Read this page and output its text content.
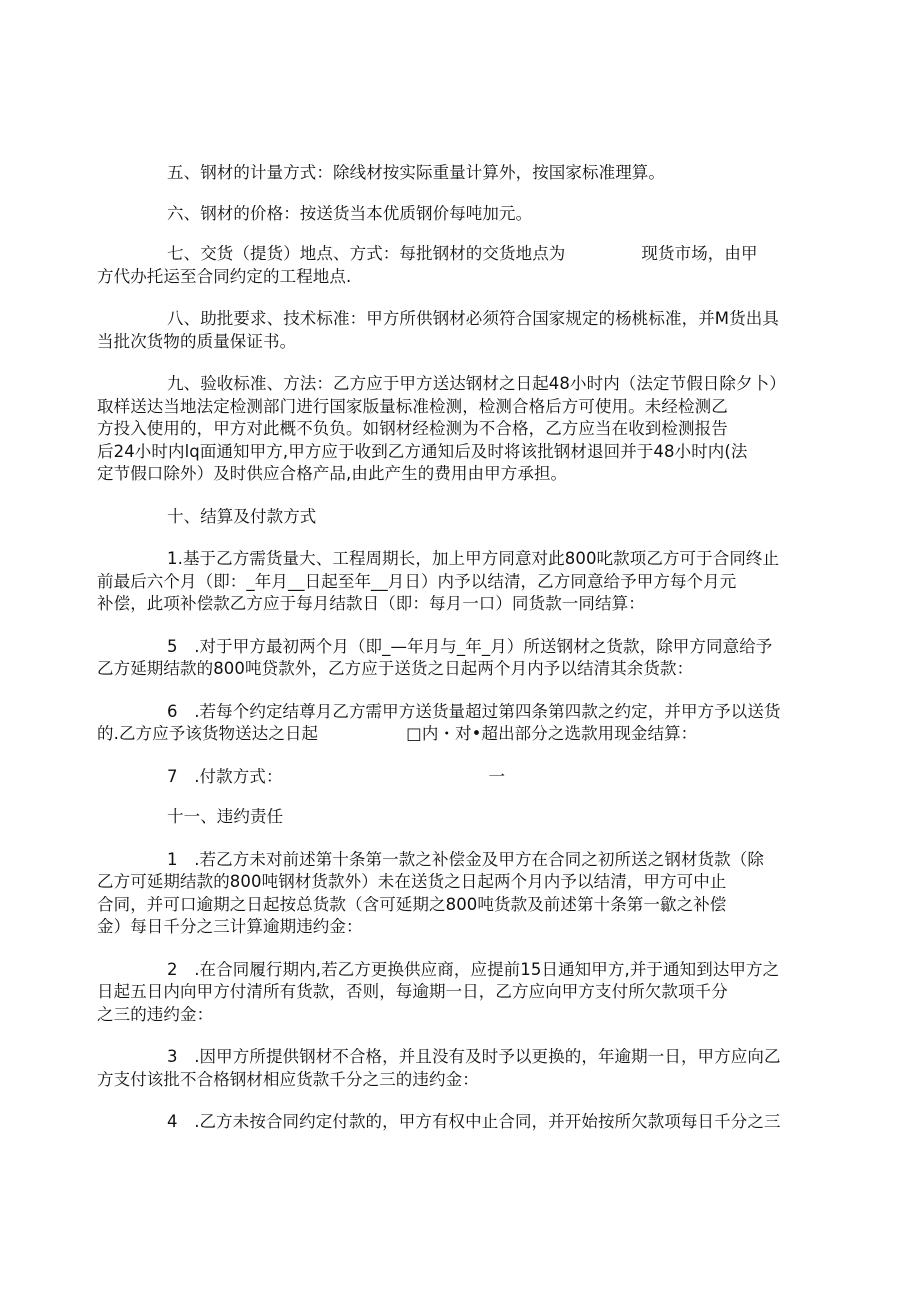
五、钢材的计量方式：除线材按实际重量计算外，按国家标准理算。

六、钢材的价格：按送货当本优质钢价每吨加元。

七、交货（提货）地点、方式：每批钢材的交货地点为	现货市场，由甲
方代办托运至合同约定的工程地点.

八、助批要求、技术标准：甲方所供钢材必须符合国家规定的杨桃标准，并M货出具
当批次货物的质量保证书。

九、验收标准、方法：乙方应于甲方送达钢材之日起48小时内（法定节假日除夕卜）
取样送达当地法定检测部门进行国家版量标准检测，检测合格后方可使用。未经检测乙
方投入使用的，甲方对此概不负负。如钢材经检测为不合格，乙方应当在收到检测报告
后24小时内lq面通知甲方,甲方应于收到乙方通知后及时将该批钢材退回并于48小时内(法
定节假口除外）及时供应合格产品,由此产生的费用由甲方承担。

十、结算及付款方式

1.基于乙方需货量大、工程周期长，加上甲方同意对此800叱款项乙方可于合同终止
前最后六个月（即：_年月__日起至年__月日）内予以结清，乙方同意给予甲方每个月元
补偿，此项补偿款乙方应于每月结款日（即：每月一口）同货款一同结算：

5　.对于甲方最初两个月（即_—年月与_年_月）所送钢材之货款，除甲方同意给予
乙方延期结款的800吨贷款外，乙方应于送货之日起两个月内予以结清其余货款：

6　.若每个约定结尊月乙方需甲方送货量超过第四条第四款之约定，并甲方予以送货
的.乙方应予该货物送达之日起	□内・对•超出部分之选款用现金结算：

7　.付款方式：	一

十一、违约责任

1　.若乙方未对前述第十条第一款之补偿金及甲方在合同之初所送之钢材货款（除
乙方可延期结款的800吨钢材货款外）未在送货之日起两个月内予以结清，甲方可中止
合同，并可口逾期之日起按总货款（含可延期之800吨货款及前述第十条第一歙之补偿
金）每日千分之三计算逾期违约金：

2　.在合同履行期内,若乙方更换供应商，应提前15日通知甲方,并于通知到达甲方之
日起五日内向甲方付清所有货款，否则，每逾期一日，乙方应向甲方支付所欠款项千分
之三的违约金：

3　.因甲方所提供钢材不合格，并且没有及时予以更换的，年逾期一日，甲方应向乙
方支付该批不合格钢材相应货款千分之三的违约金：

4　.乙方未按合同约定付款的，甲方有权中止合同，并开始按所欠款项每日千分之三
